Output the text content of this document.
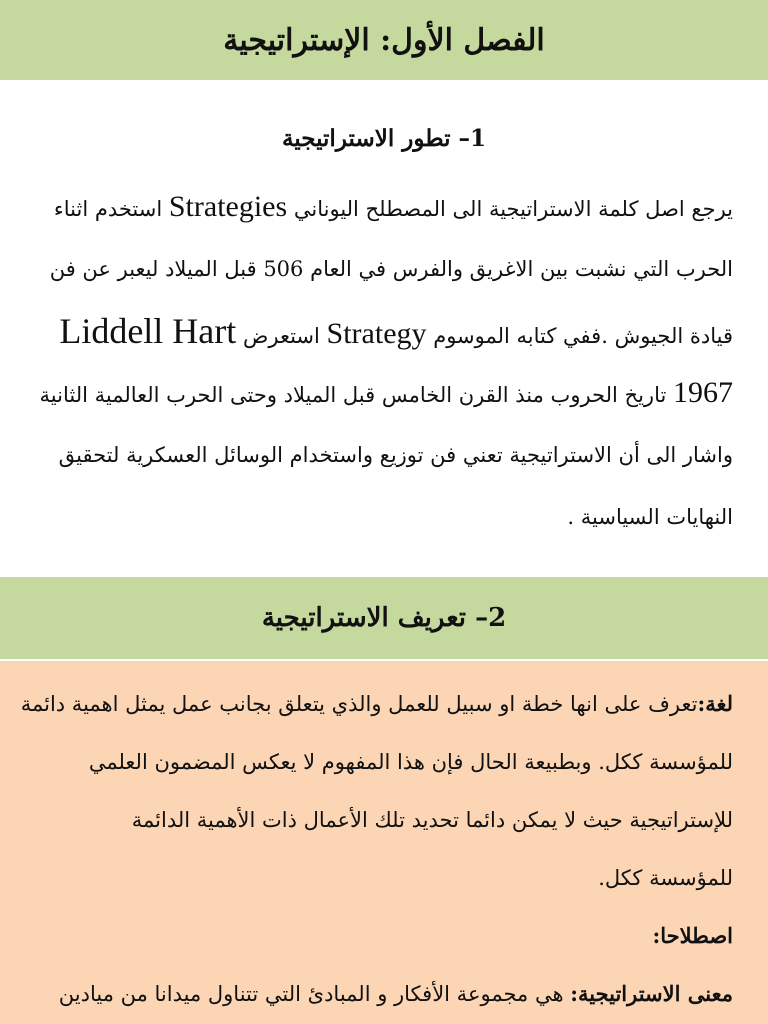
الفصل الأول: الإستراتيجية
1– تطور الاستراتيجية
يرجع اصل كلمة الاستراتيجية الى المصطلح اليوناني Strategies استخدم اثناء
الحرب التي نشبت بين الاغريق والفرس في العام 506 قبل الميلاد ليعبر عن فن
قيادة الجيوش .ففي كتابه الموسوم Strategy استعرض Liddell Hart
1967 تاريخ الحروب منذ القرن الخامس قبل الميلاد وحتى الحرب العالمية الثانية
واشار الى أن الاستراتيجية تعني فن توزيع واستخدام الوسائل العسكرية لتحقيق
النهايات السياسية .
2– تعريف الاستراتيجية
لغة:تعرف على انها خطة او سبيل للعمل والذي يتعلق بجانب عمل يمثل اهمية دائمة
للمؤسسة ككل. وبطبيعة الحال فإن هذا المفهوم لا يعكس المضمون العلمي
للإستراتيجية حيث لا يمكن دائما تحديد تلك الأعمال ذات الأهمية الدائمة
للمؤسسة ككل.
اصطلاحا:
معنى الاستراتيجية: هي مجموعة الأفكار و المبادئ التي تتناول ميدانا من ميادين
